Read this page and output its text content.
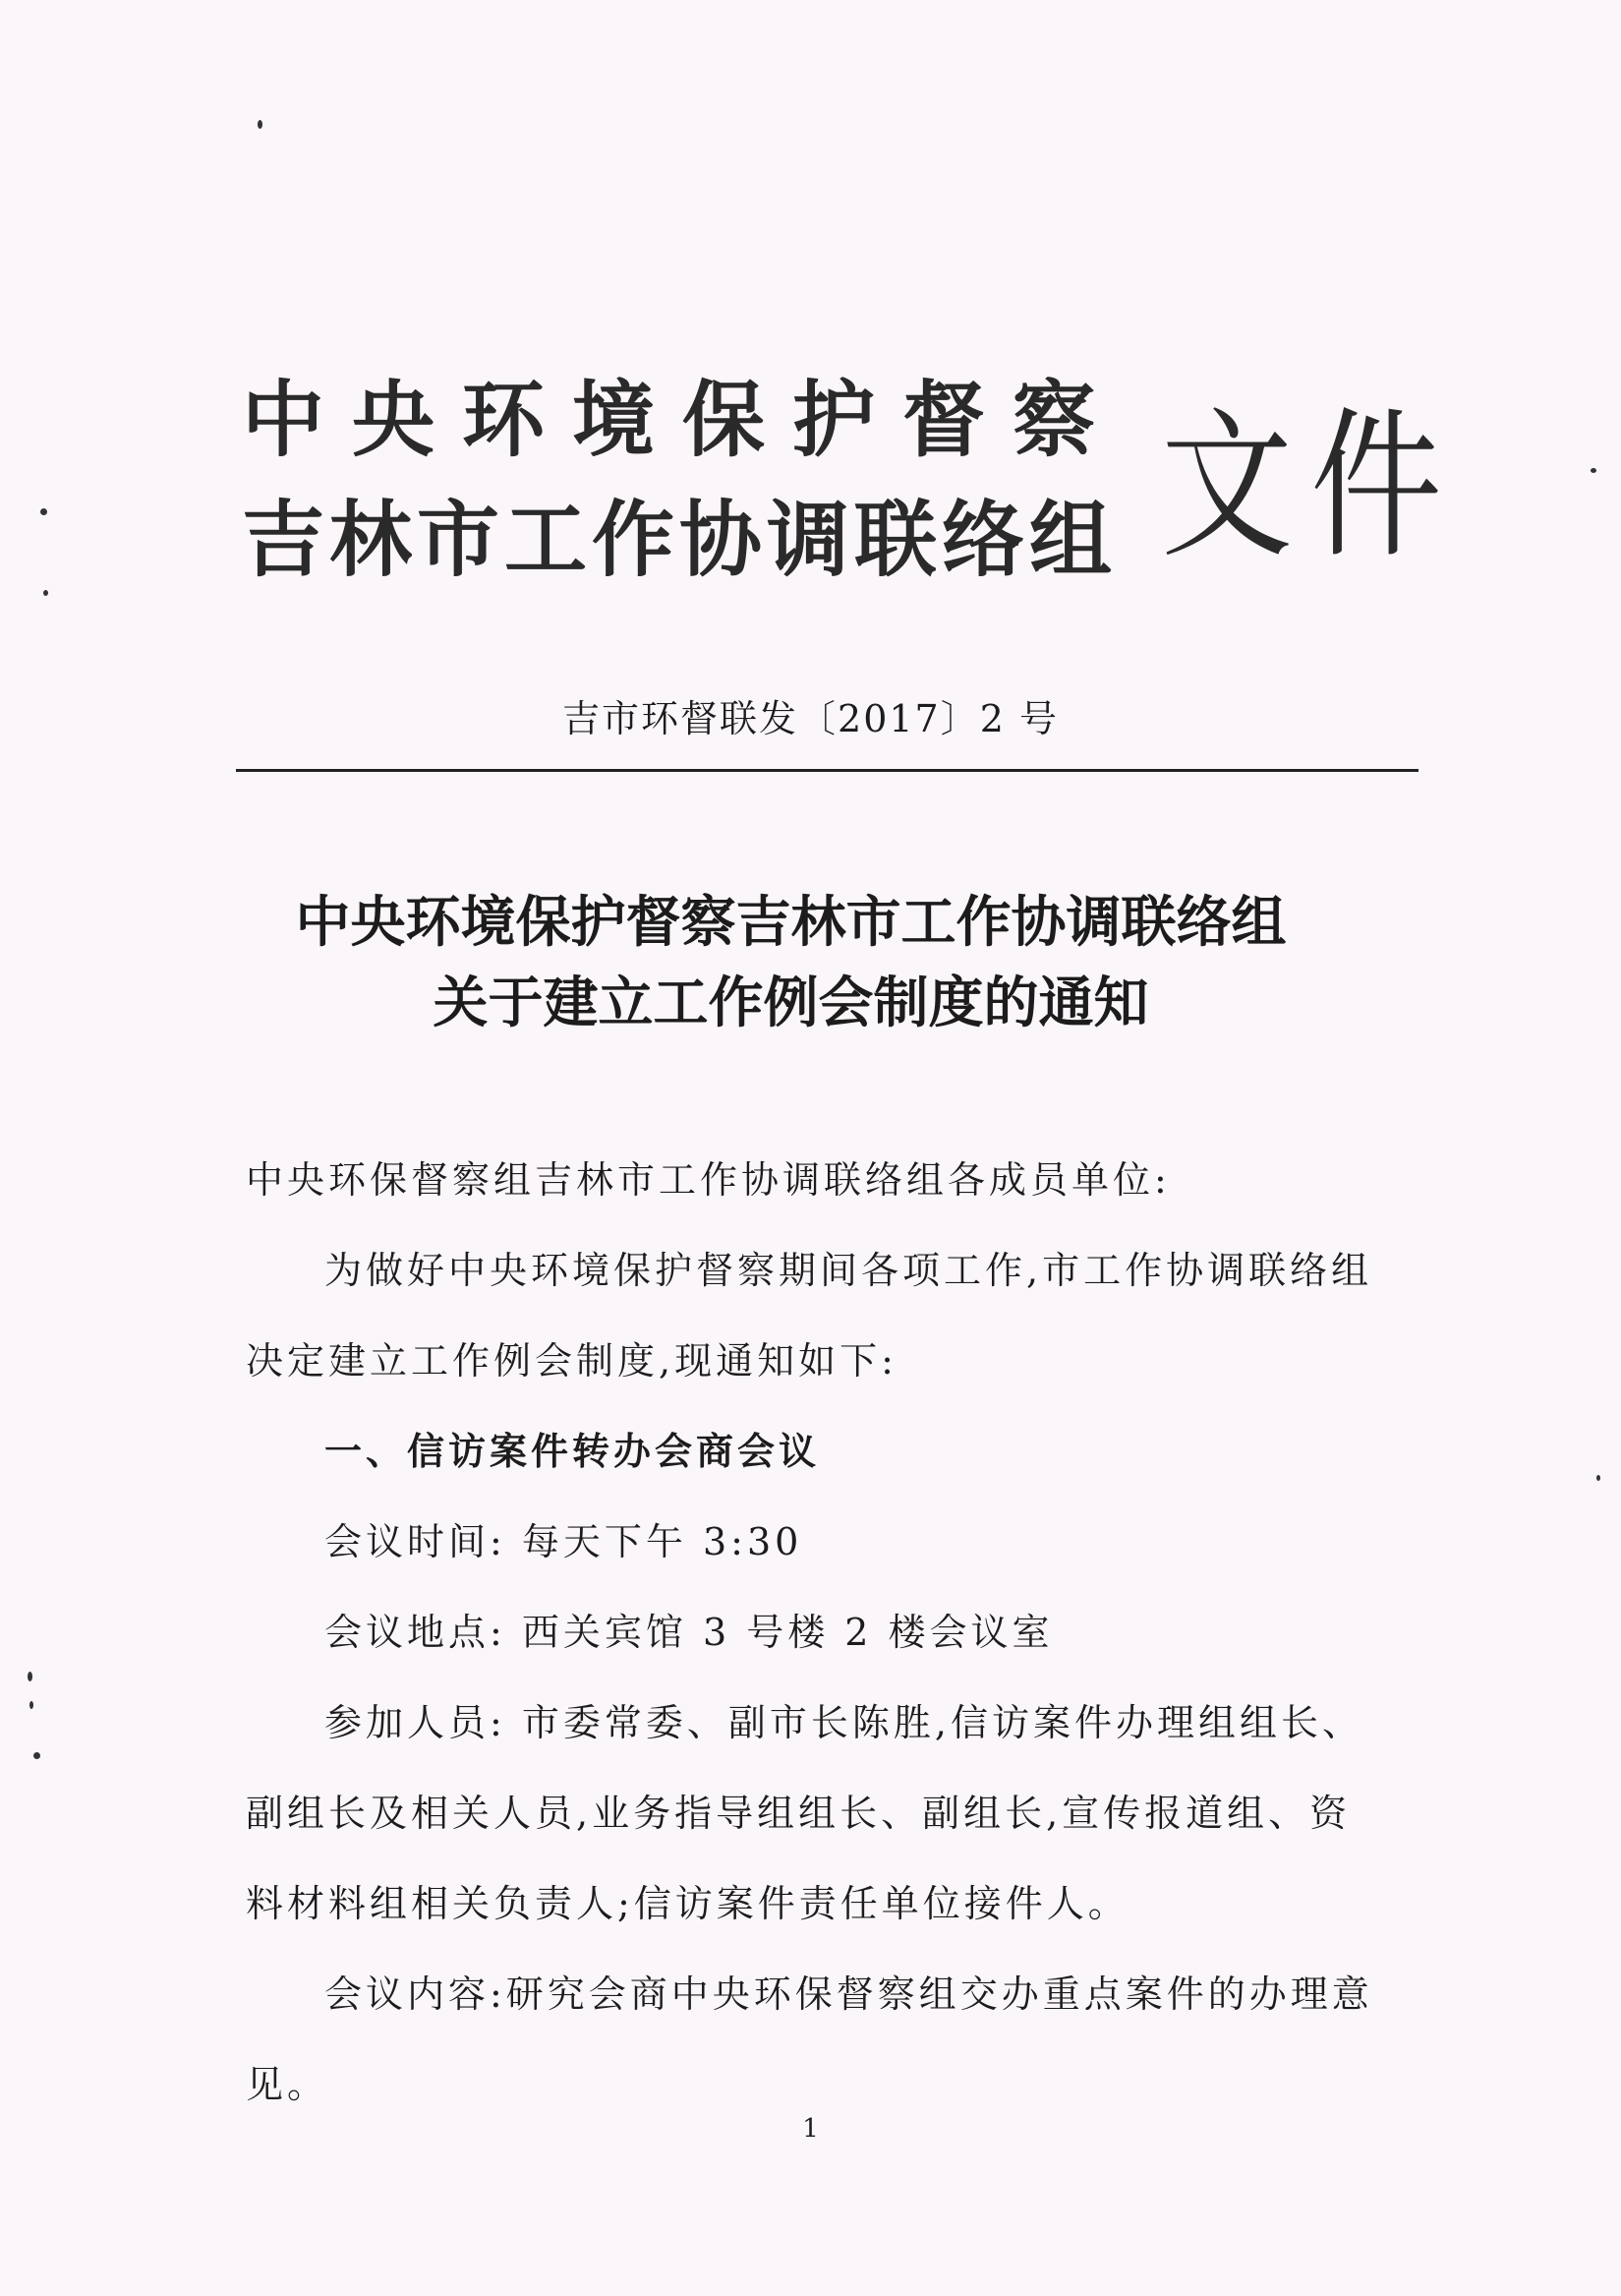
中央环境保护督察
吉林市工作协调联络组 文件
吉市环督联发〔2017〕2 号
中央环境保护督察吉林市工作协调联络组
关于建立工作例会制度的通知

中央环保督察组吉林市工作协调联络组各成员单位:

为做好中央环境保护督察期间各项工作,市工作协调联络组

决定建立工作例会制度,现通知如下:

一、信访案件转办会商会议

会议时间: 每天下午 3:30

会议地点: 西关宾馆 3 号楼 2 楼会议室

参加人员: 市委常委、副市长陈胜,信访案件办理组组长、

副组长及相关人员,业务指导组组长、副组长,宣传报道组、资

料材料组相关负责人;信访案件责任单位接件人。

会议内容:研究会商中央环保督察组交办重点案件的办理意

见。

1
